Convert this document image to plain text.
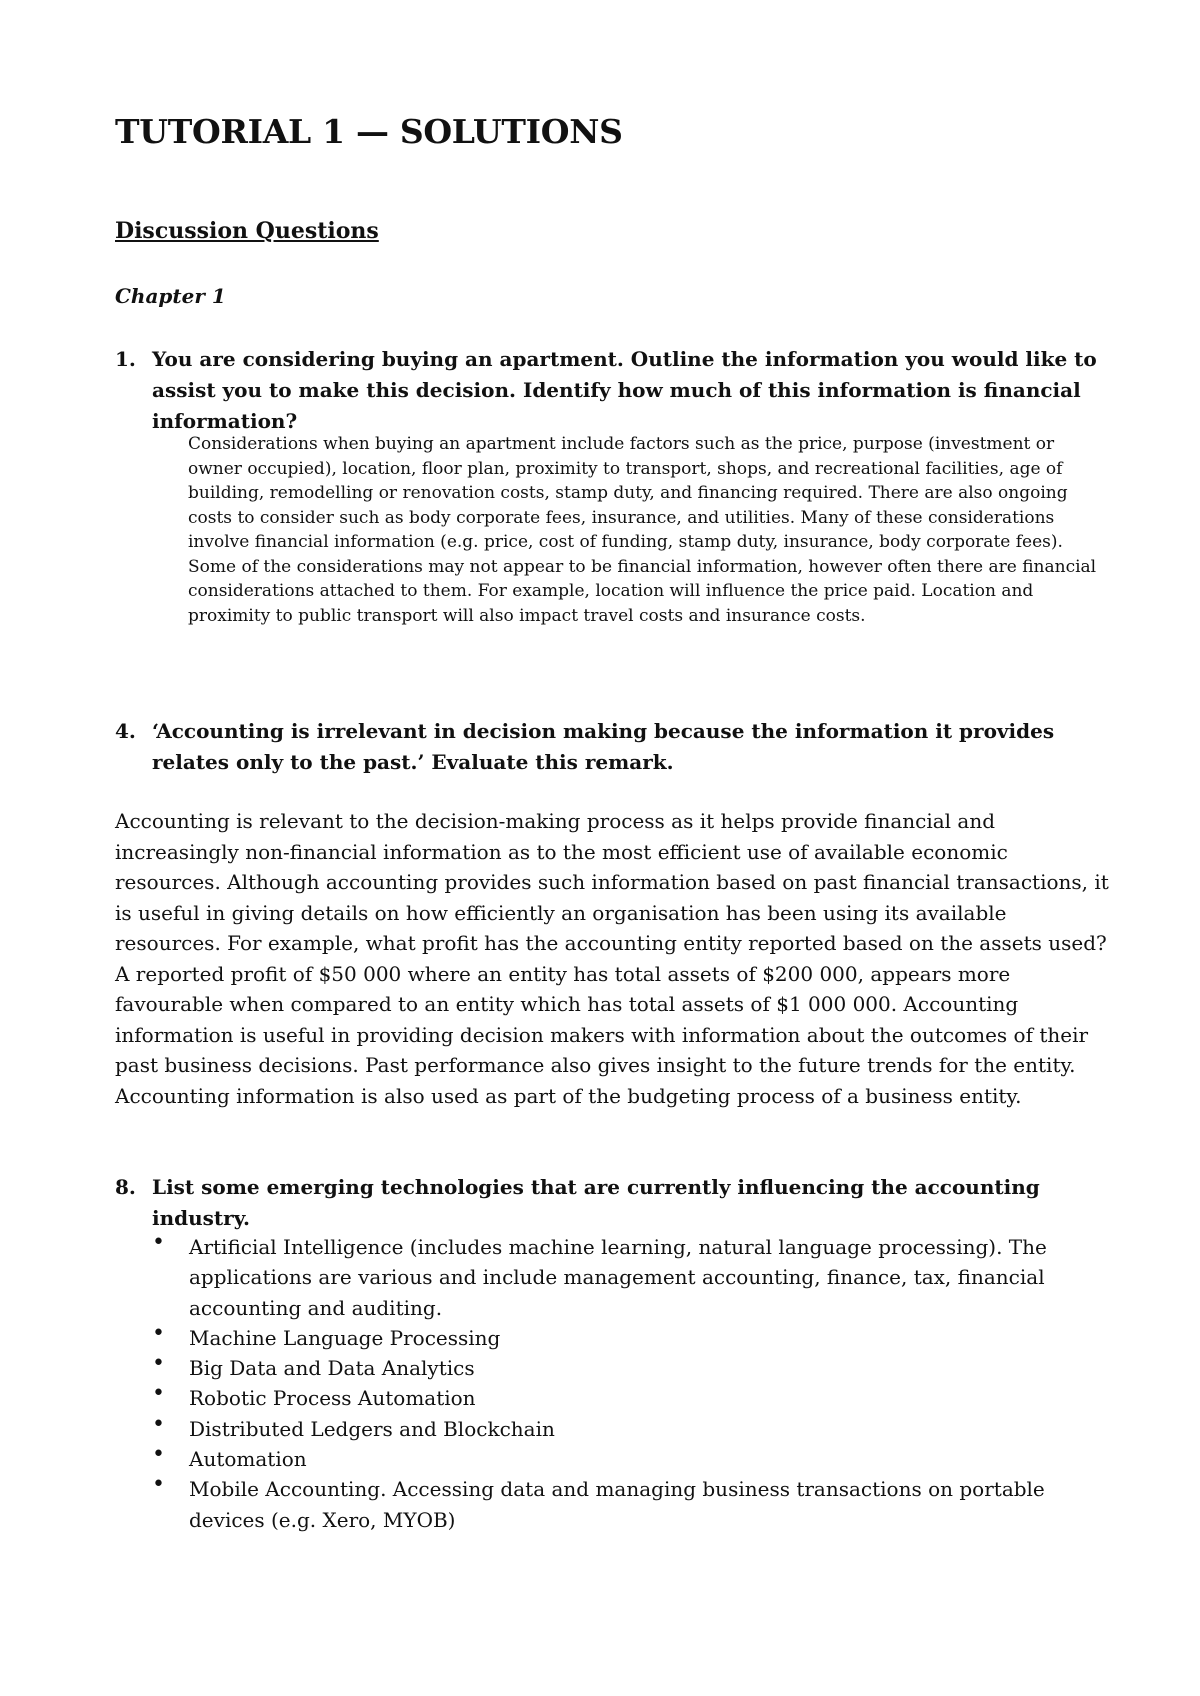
TUTORIAL 1 — SOLUTIONS
Discussion Questions
Chapter 1
1. You are considering buying an apartment. Outline the information you would like to assist you to make this decision. Identify how much of this information is financial information?
Considerations when buying an apartment include factors such as the price, purpose (investment or owner occupied), location, floor plan, proximity to transport, shops, and recreational facilities, age of building, remodelling or renovation costs, stamp duty, and financing required. There are also ongoing costs to consider such as body corporate fees, insurance, and utilities. Many of these considerations involve financial information (e.g. price, cost of funding, stamp duty, insurance, body corporate fees). Some of the considerations may not appear to be financial information, however often there are financial considerations attached to them. For example, location will influence the price paid. Location and proximity to public transport will also impact travel costs and insurance costs.
4. ‘Accounting is irrelevant in decision making because the information it provides relates only to the past.’ Evaluate this remark.
Accounting is relevant to the decision-making process as it helps provide financial and increasingly non-financial information as to the most efficient use of available economic resources. Although accounting provides such information based on past financial transactions, it is useful in giving details on how efficiently an organisation has been using its available resources. For example, what profit has the accounting entity reported based on the assets used? A reported profit of $50 000 where an entity has total assets of $200 000, appears more favourable when compared to an entity which has total assets of $1 000 000. Accounting information is useful in providing decision makers with information about the outcomes of their past business decisions. Past performance also gives insight to the future trends for the entity. Accounting information is also used as part of the budgeting process of a business entity.
8. List some emerging technologies that are currently influencing the accounting industry.
• Artificial Intelligence (includes machine learning, natural language processing). The applications are various and include management accounting, finance, tax, financial accounting and auditing.
• Machine Language Processing
• Big Data and Data Analytics
• Robotic Process Automation
• Distributed Ledgers and Blockchain
• Automation
• Mobile Accounting. Accessing data and managing business transactions on portable devices (e.g. Xero, MYOB)
